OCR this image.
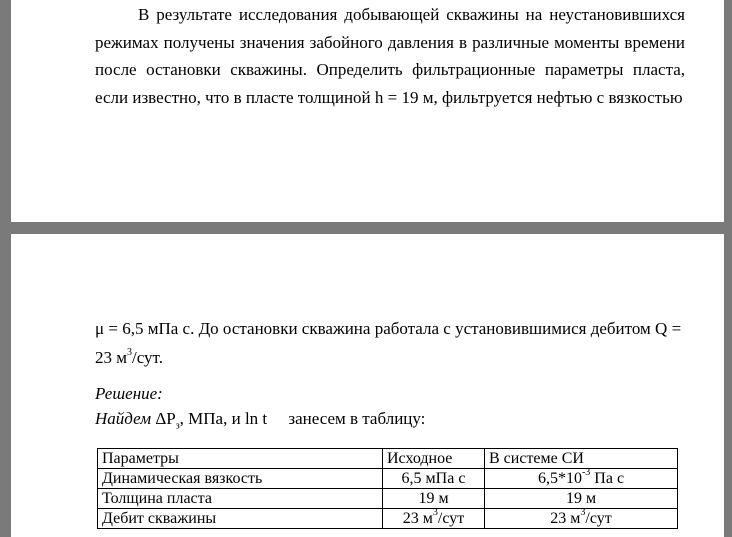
В результате исследования добывающей скважины на неустановившихся режимах получены значения забойного давления в различные моменты времени после остановки скважины. Определить фильтрационные параметры пласта, если известно, что в пласте толщиной h = 19 м, фильтруется нефтью с вязкостью

μ = 6,5 мПа с. До остановки скважина работала с установившимися дебитом Q =

23 $м^3$/сут.

Решение:

Найдем $\Delta P_з$, МПа, и ln t     занесем в таблицу:

Параметры	Исходное	В системе СИ
Динамическая вязкость	6,5 мПа с	$6,5*10^{-3}$ Па с
Толщина пласта	19 м	19 м
Дебит скважины	23 $м^3$/сут	23 $м^3$/сут
